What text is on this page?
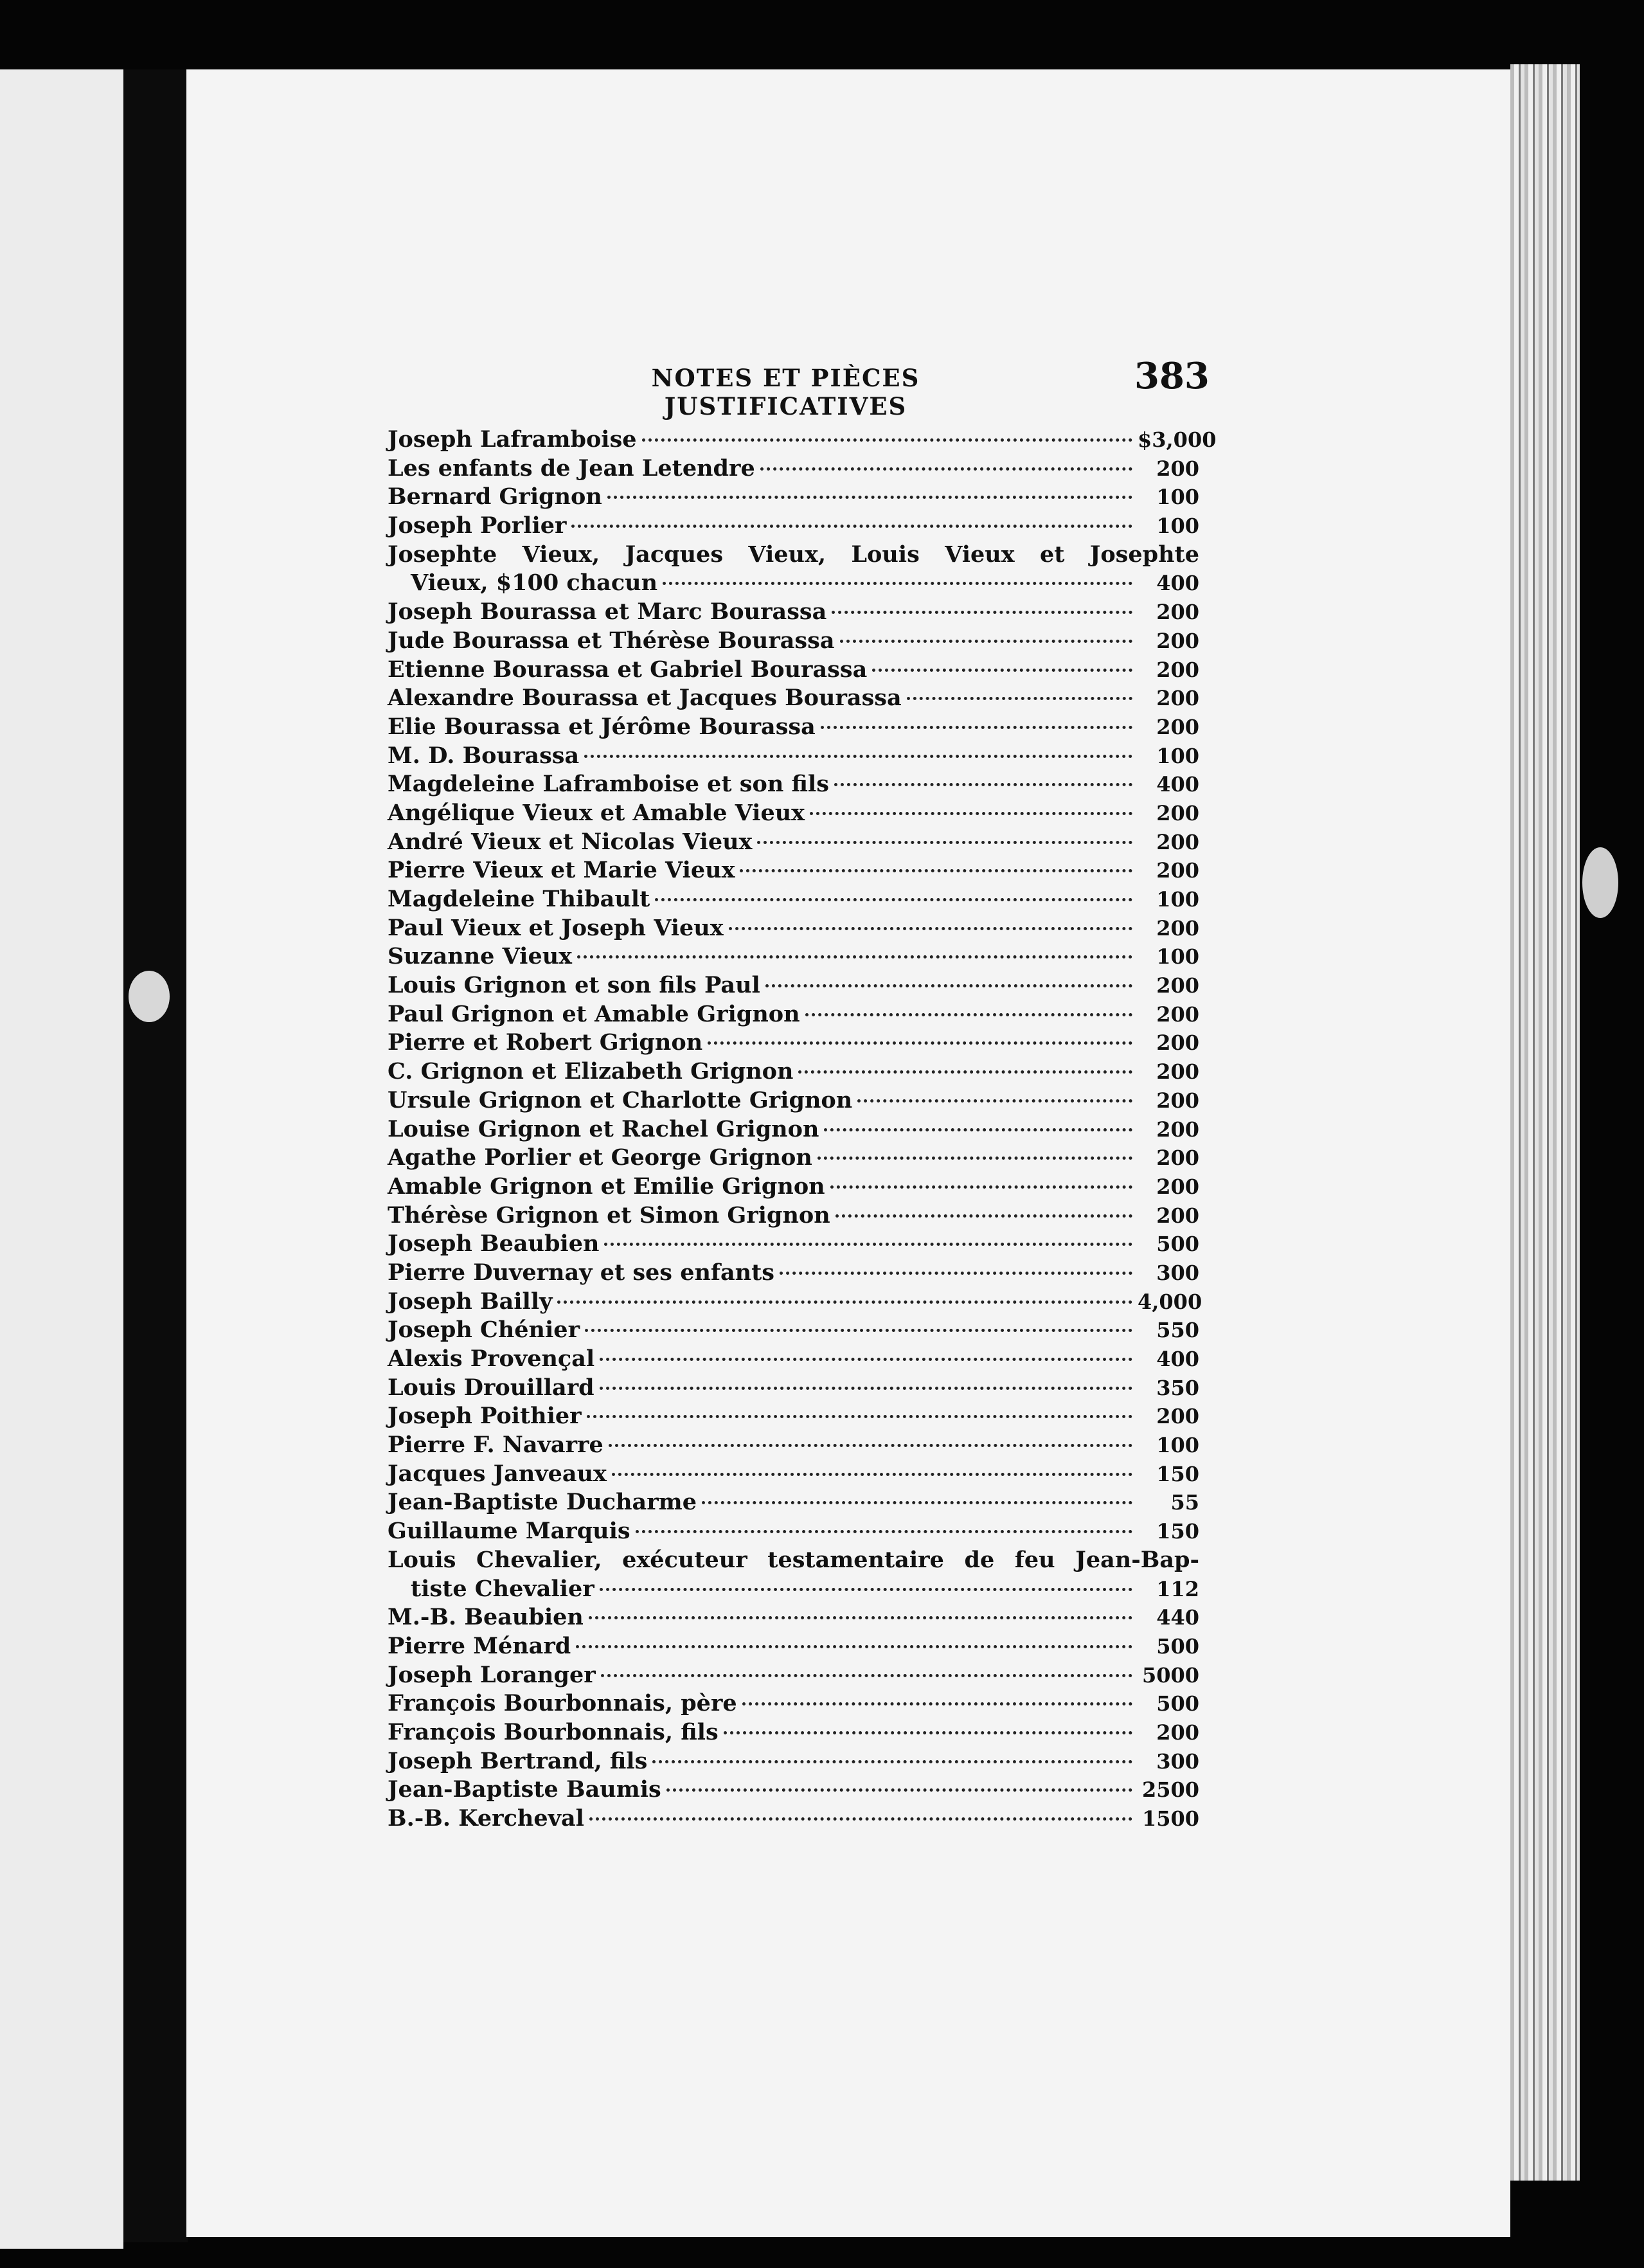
NOTES ET PIÈCES JUSTIFICATIVES
383
Joseph Laframboise	$3,000
Les enfants de Jean Letendre	200
Bernard Grignon	100
Joseph Porlier	100
Josephte Vieux, Jacques Vieux, Louis Vieux et Josephte
Vieux, $100 chacun	400
Joseph Bourassa et Marc Bourassa	200
Jude Bourassa et Thérèse Bourassa	200
Etienne Bourassa et Gabriel Bourassa	200
Alexandre Bourassa et Jacques Bourassa	200
Elie Bourassa et Jérôme Bourassa	200
M. D. Bourassa	100
Magdeleine Laframboise et son fils	400
Angélique Vieux et Amable Vieux	200
André Vieux et Nicolas Vieux	200
Pierre Vieux et Marie Vieux	200
Magdeleine Thibault	100
Paul Vieux et Joseph Vieux	200
Suzanne Vieux	100
Louis Grignon et son fils Paul	200
Paul Grignon et Amable Grignon	200
Pierre et Robert Grignon	200
C. Grignon et Elizabeth Grignon	200
Ursule Grignon et Charlotte Grignon	200
Louise Grignon et Rachel Grignon	200
Agathe Porlier et George Grignon	200
Amable Grignon et Emilie Grignon	200
Thérèse Grignon et Simon Grignon	200
Joseph Beaubien	500
Pierre Duvernay et ses enfants	300
Joseph Bailly	4,000
Joseph Chénier	550
Alexis Provençal	400
Louis Drouillard	350
Joseph Poithier	200
Pierre F. Navarre	100
Jacques Janveaux	150
Jean-Baptiste Ducharme	55
Guillaume Marquis	150
Louis Chevalier, exécuteur testamentaire de feu Jean-Bap-
tiste Chevalier	112
M.-B. Beaubien	440
Pierre Ménard	500
Joseph Loranger	5000
François Bourbonnais, père	500
François Bourbonnais, fils	200
Joseph Bertrand, fils	300
Jean-Baptiste Baumis	2500
B.-B. Kercheval	1500
